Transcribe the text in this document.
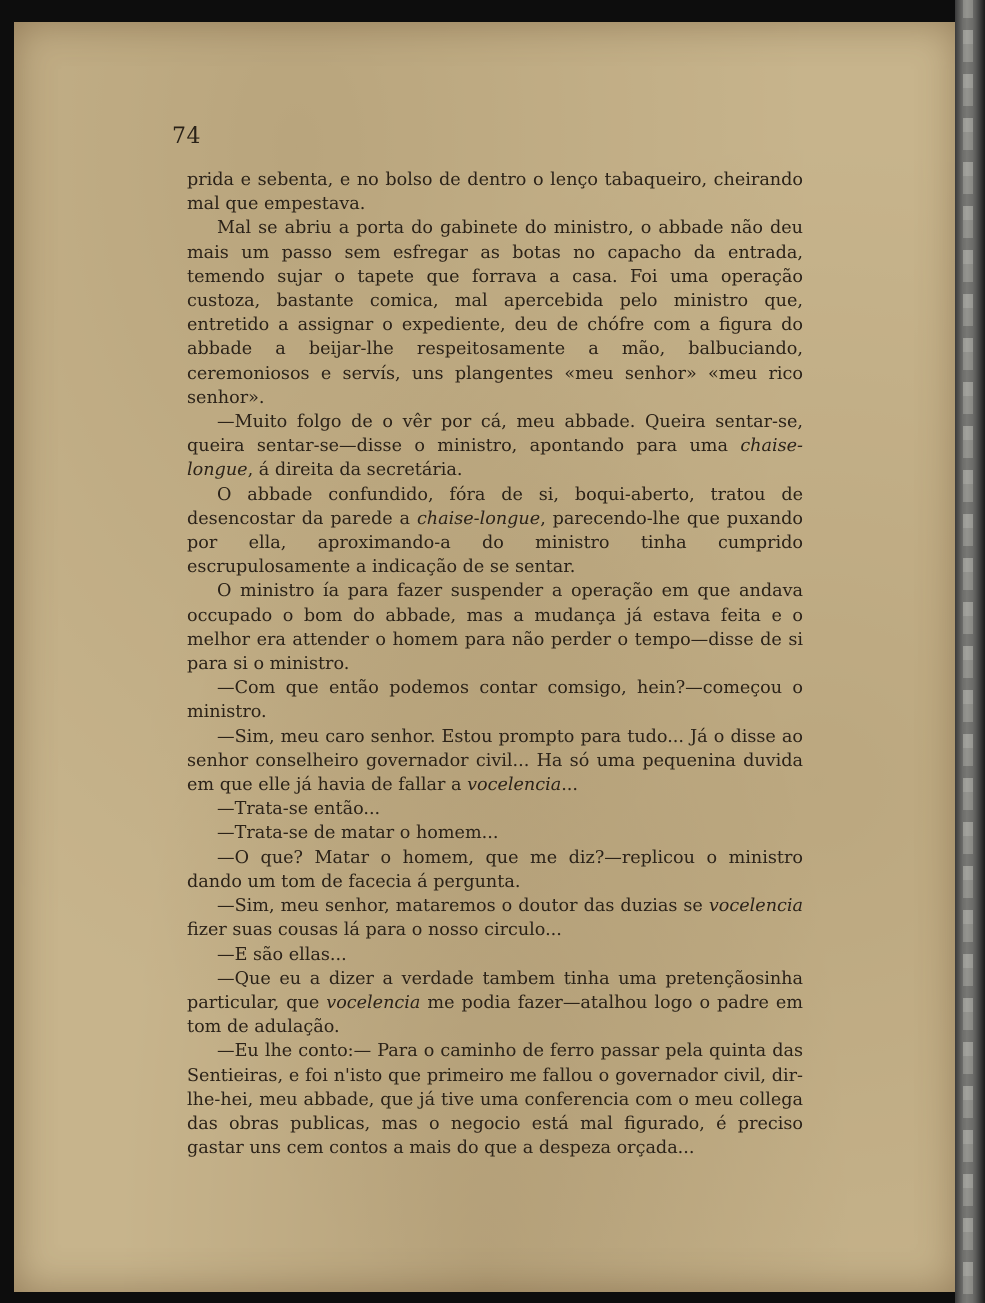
74

prida e sebenta, e no bolso de dentro o lenço tabaqueiro, cheirando mal que empestava.

Mal se abriu a porta do gabinete do ministro, o abbade não deu mais um passo sem esfregar as botas no capacho da entrada, temendo sujar o tapete que forrava a casa. Foi uma operação custoza, bastante comica, mal apercebida pelo ministro que, entretido a assignar o expediente, deu de chófre com a figura do abbade a beijar-lhe respeitosamente a mão, balbuciando, ceremoniosos e servís, uns plangentes «meu senhor» «meu rico senhor».

—Muito folgo de o vêr por cá, meu abbade. Queira sentar-se, queira sentar-se—disse o ministro, apontando para uma chaise-longue, á direita da secretária.

O abbade confundido, fóra de si, boqui-aberto, tratou de desencostar da parede a chaise-longue, parecendo-lhe que puxando por ella, aproximando-a do ministro tinha cumprido escrupulosamente a indicação de se sentar.

O ministro ía para fazer suspender a operação em que andava occupado o bom do abbade, mas a mudança já estava feita e o melhor era attender o homem para não perder o tempo—disse de si para si o ministro.

—Com que então podemos contar comsigo, hein?—começou o ministro.

—Sim, meu caro senhor. Estou prompto para tudo... Já o disse ao senhor conselheiro governador civil... Ha só uma pequenina duvida em que elle já havia de fallar a vocelencia...

—Trata-se então...

—Trata-se de matar o homem...

—O que? Matar o homem, que me diz?—replicou o ministro dando um tom de facecia á pergunta.

—Sim, meu senhor, mataremos o doutor das duzias se vocelencia fizer suas cousas lá para o nosso circulo...

—E são ellas...

—Que eu a dizer a verdade tambem tinha uma pretençãosinha particular, que vocelencia me podia fazer—atalhou logo o padre em tom de adulação.

—Eu lhe conto:— Para o caminho de ferro passar pela quinta das Sentieiras, e foi n'isto que primeiro me fallou o governador civil, dir-lhe-hei, meu abbade, que já tive uma conferencia com o meu collega das obras publicas, mas o negocio está mal figurado, é preciso gastar uns cem contos a mais do que a despeza orçada...
